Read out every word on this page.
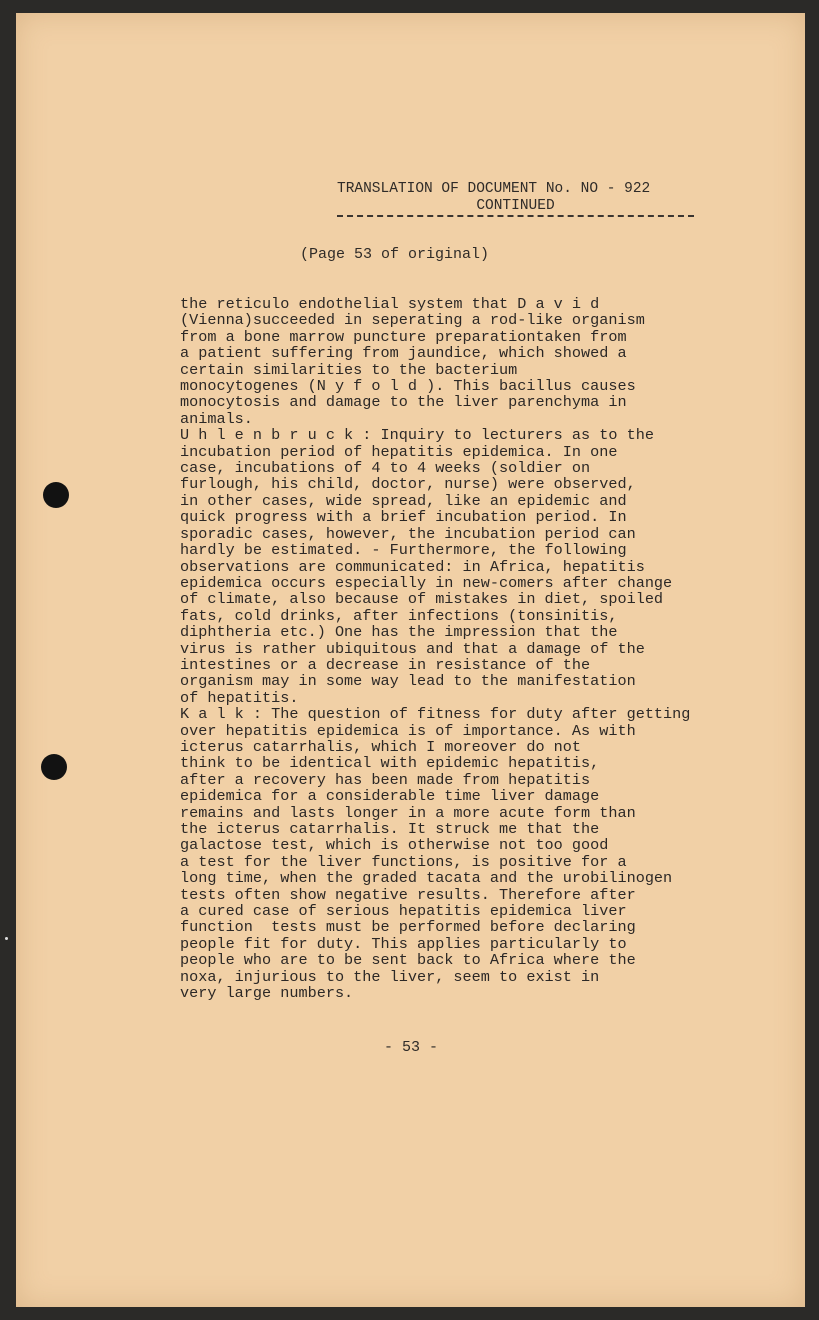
TRANSLATION OF DOCUMENT No. NO - 922
CONTINUED
(Page 53 of original)
the reticulo endothelial system that D a v i d
(Vienna)succeeded in seperating a rod-like organism
from a bone marrow puncture preparationtaken from
a patient suffering from jaundice, which showed a
certain similarities to the bacterium
monocytogenes (N y f o l d ). This bacillus causes
monocytosis and damage to the liver parenchyma in
animals.
U h l e n b r u c k : Inquiry to lecturers as to the
incubation period of hepatitis epidemica. In one
case, incubations of 4 to 4 weeks (soldier on
furlough, his child, doctor, nurse) were observed,
in other cases, wide spread, like an epidemic and
quick progress with a brief incubation period. In
sporadic cases, however, the incubation period can
hardly be estimated. - Furthermore, the following
observations are communicated: in Africa, hepatitis
epidemica occurs especially in new-comers after change
of climate, also because of mistakes in diet, spoiled
fats, cold drinks, after infections (tonsinitis,
diphtheria etc.) One has the impression that the
virus is rather ubiquitous and that a damage of the
intestines or a decrease in resistance of the
organism may in some way lead to the manifestation
of hepatitis.
K a l k : The question of fitness for duty after getting
over hepatitis epidemica is of importance. As with
icterus catarrhalis, which I moreover do not
think to be identical with epidemic hepatitis,
after a recovery has been made from hepatitis
epidemica for a considerable time liver damage
remains and lasts longer in a more acute form than
the icterus catarrhalis. It struck me that the
galactose test, which is otherwise not too good
a test for the liver functions, is positive for a
long time, when the graded tacata and the urobilinogen
tests often show negative results. Therefore after
a cured case of serious hepatitis epidemica liver
function  tests must be performed before declaring
people fit for duty. This applies particularly to
people who are to be sent back to Africa where the
noxa, injurious to the liver, seem to exist in
very large numbers.

- 53 -
